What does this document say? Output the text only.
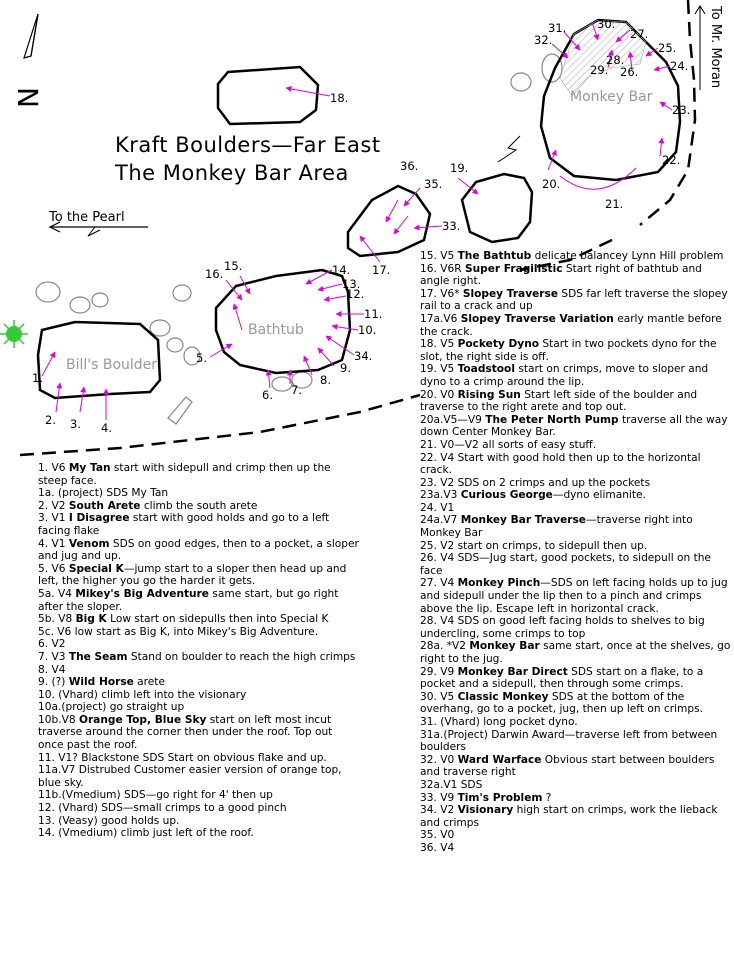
N
Kraft Boulders—Far East
The Monkey Bar Area
To the Pearl
To Mr. Moran
Bill's Boulder
Bathtub
Monkey Bar
18.
1.
2. 3. 4.
5.
16.
15.
6. 7.
8.
9.
34.
10.
11.
12.
13.
14. 17.
36.
35.
33.
19.
20.
21.
22.
23.
24.
25.
26.
27.
28.
29.
30.
31.
32.
1. V6 My Tan start with sidepull and crimp then up the steep face.
1a. (project) SDS My Tan
2. V2 South Arete climb the south arete
3. V1 I Disagree start with good holds and go to a left facing flake
4. V1 Venom SDS on good edges, then to a pocket, a sloper and jug and up.
5. V6 Special K—jump start to a sloper then head up and left, the higher you go the harder it gets.
5a. V4 Mikey's Big Adventure same start, but go right after the sloper.
5b. V8 Big K Low start on sidepulls then into Special K
5c. V6 low start as Big K, into Mikey's Big Adventure.
6. V2
7. V3 The Seam Stand on boulder to reach the high crimps
8. V4
9. (?) Wild Horse arete
10. (Vhard) climb left into the visionary
10a.(project) go straight up
10b.V8 Orange Top, Blue Sky start on left most incut traverse around the corner then under the roof. Top out once past the roof.
11. V1? Blackstone SDS Start on obvious flake and up.
11a.V7 Distrubed Customer easier version of orange top, blue sky.
11b.(Vmedium) SDS—go right for 4' then up
12. (Vhard) SDS—small crimps to a good pinch
13. (Veasy) good holds up.
14. (Vmedium) climb just left of the roof.
15. V5 The Bathtub delicate balancey Lynn Hill problem
16. V6R Super Fragilistic Start right of bathtub and angle right.
17. V6* Slopey Traverse SDS far left traverse the slopey rail to a crack and up
17a.V6 Slopey Traverse Variation early mantle before the crack.
18. V5 Pockety Dyno Start in two pockets dyno for the slot, the right side is off.
19. V5 Toadstool start on crimps, move to sloper and dyno to a crimp around the lip.
20. V0 Rising Sun Start left side of the boulder and traverse to the right arete and top out.
20a.V5—V9 The Peter North Pump traverse all the way down Center Monkey Bar.
21. V0—V2 all sorts of easy stuff.
22. V4 Start with good hold then up to the horizontal crack.
23. V2 SDS on 2 crimps and up the pockets
23a.V3 Curious George—dyno elimanite.
24. V1
24a.V7 Monkey Bar Traverse—traverse right into Monkey Bar
25. V2 start on crimps, to sidepull then up.
26. V4 SDS—Jug start, good pockets, to sidepull on the face
27. V4 Monkey Pinch—SDS on left facing holds up to jug and sidepull under the lip then to a pinch and crimps above the lip. Escape left in horizontal crack.
28. V4 SDS on good left facing holds to shelves to big undercling, some crimps to top
28a. *V2 Monkey Bar same start, once at the shelves, go right to the jug.
29. V9 Monkey Bar Direct SDS start on a flake, to a pocket and a sidepull, then through some crimps.
30. V5 Classic Monkey SDS at the bottom of the overhang, go to a pocket, jug, then up left on crimps.
31. (Vhard) long pocket dyno.
31a.(Project) Darwin Award—traverse left from between boulders
32. V0 Ward Warface Obvious start between boulders and traverse right
32a.V1 SDS
33. V9 Tim's Problem ?
34. V2 Visionary high start on crimps, work the lieback and crimps
35. V0
36. V4
